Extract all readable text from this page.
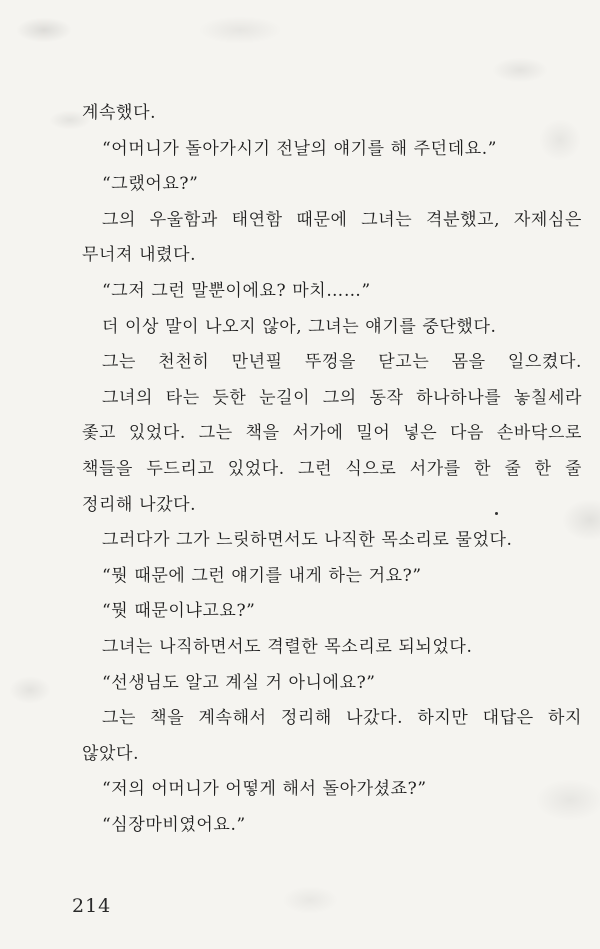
계속했다.
“어머니가 돌아가시기 전날의 얘기를 해 주던데요.”
“그랬어요?”
그의 우울함과 태연함 때문에 그녀는 격분했고, 자제심은
무너져 내렸다.
“그저 그런 말뿐이에요? 마치……”
더 이상 말이 나오지 않아, 그녀는 얘기를 중단했다.
그는 천천히 만년필 뚜껑을 닫고는 몸을 일으켰다.
그녀의 타는 듯한 눈길이 그의 동작 하나하나를 놓칠세라
좇고 있었다. 그는 책을 서가에 밀어 넣은 다음 손바닥으로
책들을 두드리고 있었다. 그런 식으로 서가를 한 줄 한 줄
정리해 나갔다.
그러다가 그가 느릿하면서도 나직한 목소리로 물었다.
“뭣 때문에 그런 얘기를 내게 하는 거요?”
“뭣 때문이냐고요?”
그녀는 나직하면서도 격렬한 목소리로 되뇌었다.
“선생님도 알고 계실 거 아니에요?”
그는 책을 계속해서 정리해 나갔다. 하지만 대답은 하지
않았다.
“저의 어머니가 어떻게 해서 돌아가셨죠?”
“심장마비였어요.”
214
